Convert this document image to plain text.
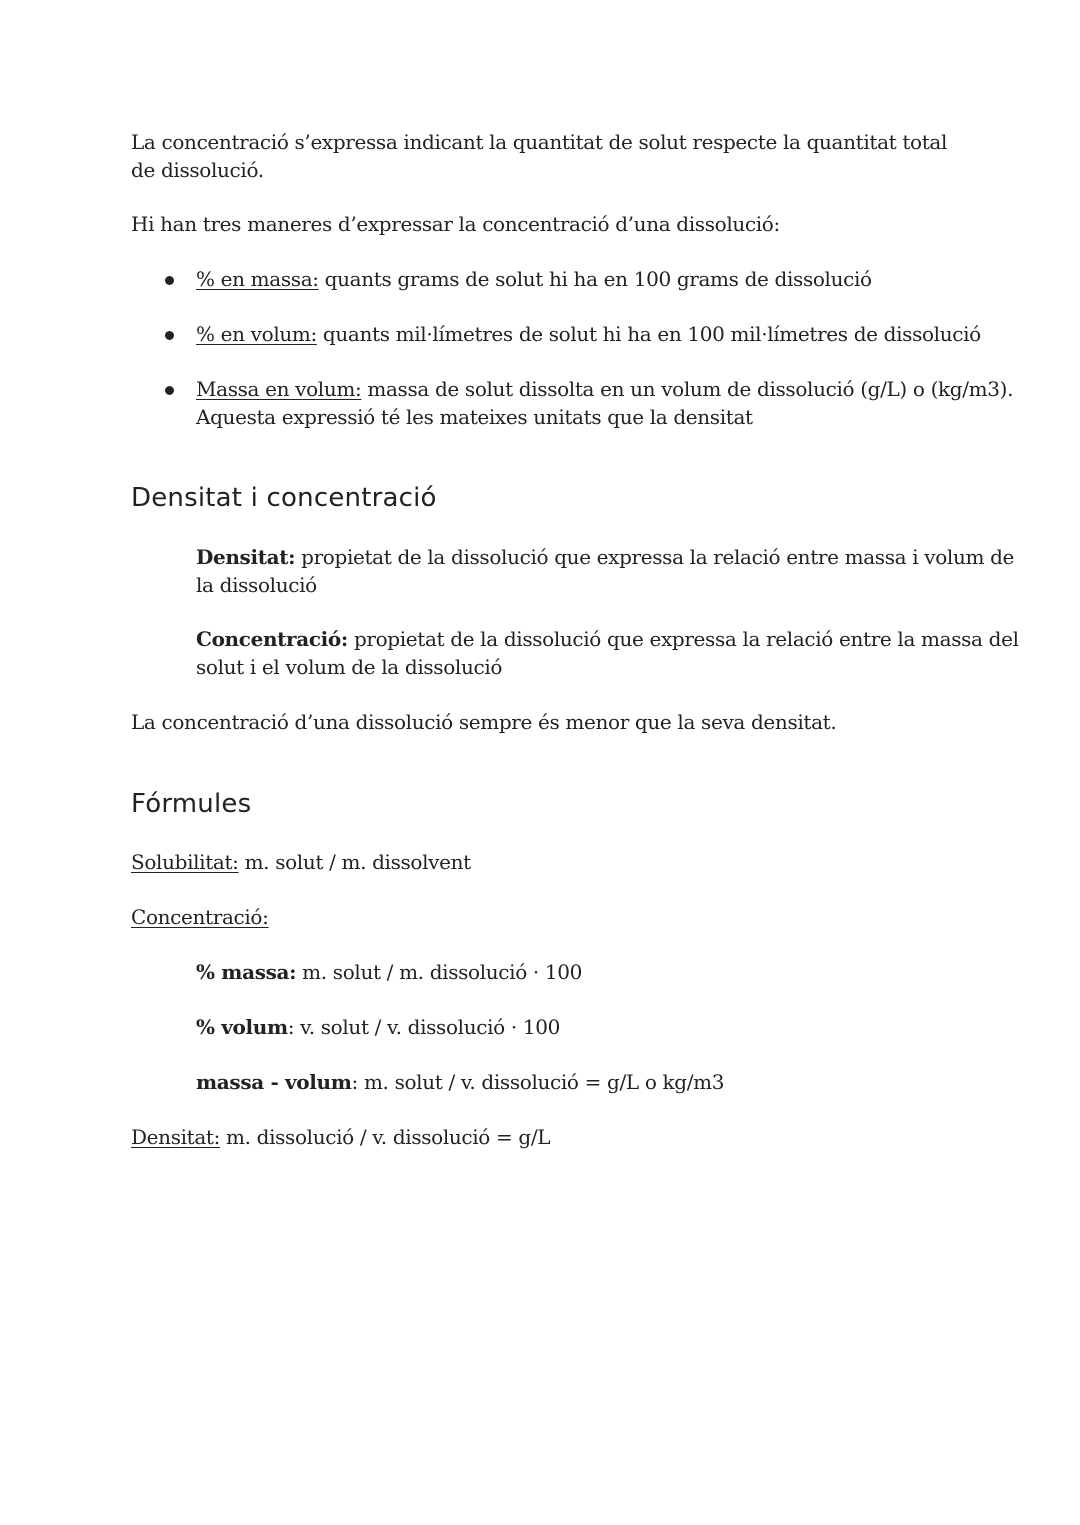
La concentració s’expressa indicant la quantitat de solut respecte la quantitat total de dissolució.

Hi han tres maneres d’expressar la concentració d’una dissolució:

% en massa: quants grams de solut hi ha en 100 grams de dissolució
% en volum: quants mil·límetres de solut hi ha en 100 mil·límetres de dissolució
Massa en volum: massa de solut dissolta en un volum de dissolució (g/L) o (kg/m3). Aquesta expressió té les mateixes unitats que la densitat
Densitat i concentració

Densitat: propietat de la dissolució que expressa la relació entre massa i volum de la dissolució

Concentració: propietat de la dissolució que expressa la relació entre la massa del solut i el volum de la dissolució

La concentració d’una dissolució sempre és menor que la seva densitat.

Fórmules

Solubilitat: m. solut / m. dissolvent

Concentració:

% massa: m. solut / m. dissolució · 100

% volum: v. solut / v. dissolució · 100

massa - volum: m. solut / v. dissolució = g/L o kg/m3

Densitat: m. dissolució / v. dissolució = g/L
